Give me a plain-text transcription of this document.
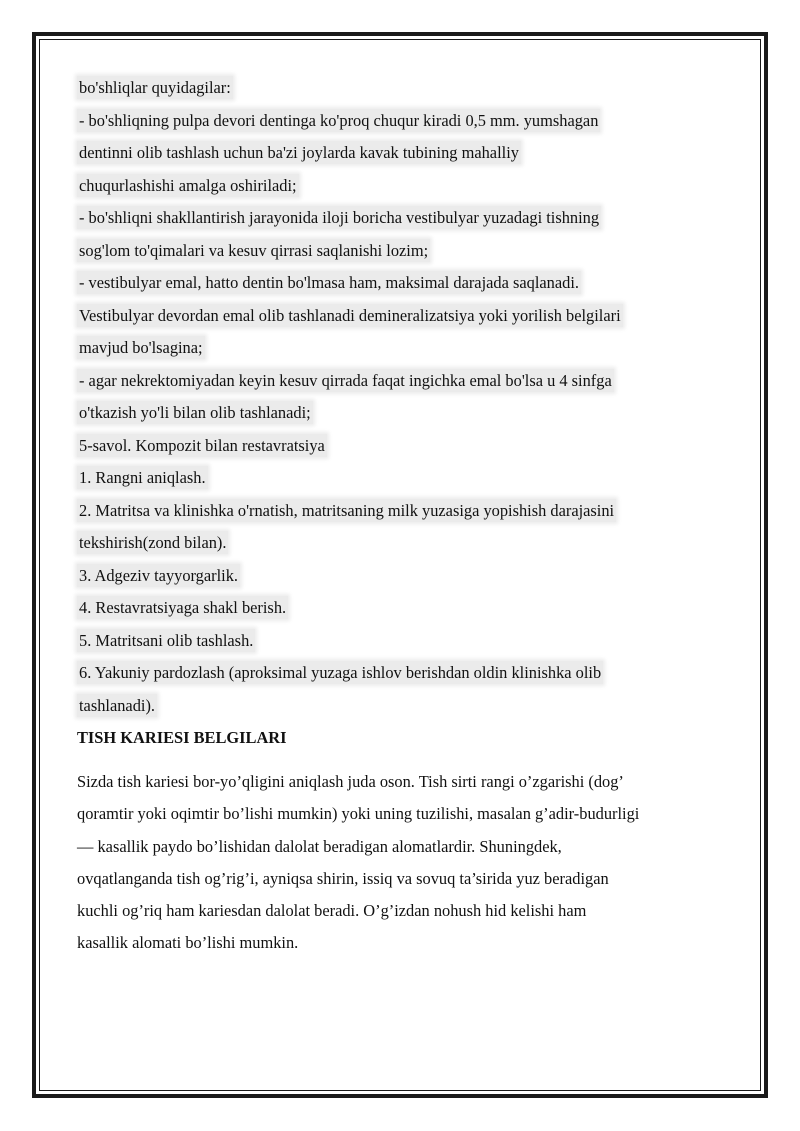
bo'shliqlar quyidagilar:
- bo'shliqning pulpa devori dentinga ko'proq chuqur kiradi 0,5 mm. yumshagan
dentinni olib tashlash uchun ba'zi joylarda kavak tubining mahalliy
chuqurlashishi amalga oshiriladi;
- bo'shliqni shakllantirish jarayonida iloji boricha vestibulyar yuzadagi tishning
sog'lom to'qimalari va kesuv qirrasi saqlanishi lozim;
- vestibulyar emal, hatto dentin bo'lmasa ham, maksimal darajada saqlanadi.
Vestibulyar devordan emal olib tashlanadi demineralizatsiya yoki yorilish belgilari
mavjud bo'lsagina;
- agar nekrektomiyadan keyin kesuv qirrada faqat ingichka emal bo'lsa u 4 sinfga
o'tkazish yo'li bilan olib tashlanadi;
5-savol. Kompozit bilan restavratsiya
1. Rangni aniqlash.
2. Matritsa va klinishka o'rnatish, matritsaning milk yuzasiga yopishish darajasini
tekshirish(zond bilan).
3. Adgeziv tayyorgarlik.
4. Restavratsiyaga shakl berish.
5. Matritsani olib tashlash.
6. Yakuniy pardozlash (aproksimal yuzaga ishlov berishdan oldin klinishka olib
tashlanadi).
TISH KARIESI BELGILARI
Sizda tish kariesi bor-yo’qligini aniqlash juda oson. Tish sirti rangi o’zgarishi (dog’
qoramtir yoki oqimtir bo’lishi mumkin) yoki uning tuzilishi, masalan g’adir-budurligi
— kasallik paydo bo’lishidan dalolat beradigan alomatlardir. Shuningdek,
ovqatlanganda tish og’rig’i, ayniqsa shirin, issiq va sovuq ta’sirida yuz beradigan
kuchli og’riq ham kariesdan dalolat beradi. O’g’izdan nohush hid kelishi ham
kasallik alomati bo’lishi mumkin.
